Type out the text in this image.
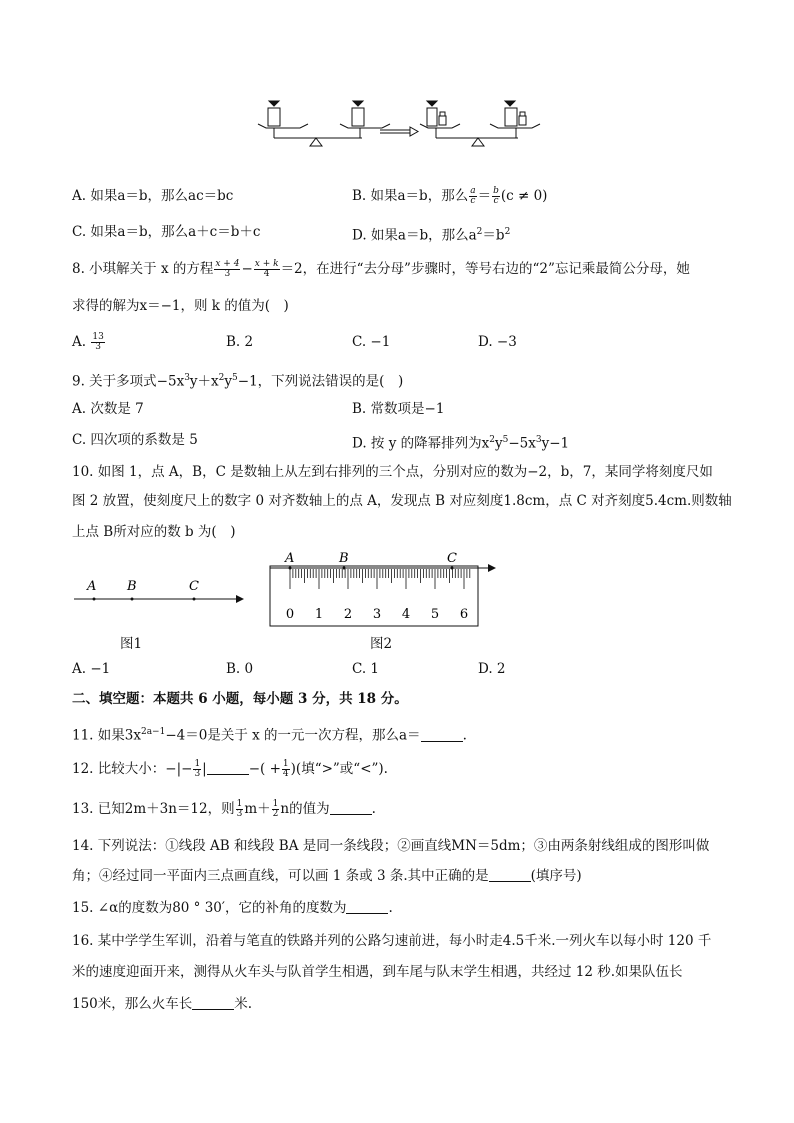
A. 如果a＝b，那么ac＝bc	B. 如果a＝b，那么 $\frac{a}{c} = \frac{b}{c} (c \ne 0)$
C. 如果a＝b，那么a＋c＝b＋c	D. 如果a＝b，那么$a^2=b^2$
8. 小琪解关于 x 的方程 $\frac{x + 4}{3} - \frac{x + k}{4} =2$，在进行“去分母”步骤时，等号右边的“2”忘记乘最简公分母，她
求得的解为x＝−1，则 k 的值为(　)
A. $\frac{13}{3}$	B. 2	C. −1	D. −3
9. 关于多项式$-5x^3y+x^2y^5-1$，下列说法错误的是(　)
A. 次数是 7	B. 常数项是−1
C. 四次项的系数是 5	D. 按 y 的降幂排列为$x^2y^5-5x^3y-1$
10. 如图 1，点 A，B，C 是数轴上从左到右排列的三个点，分别对应的数为−2，b，7，某同学将刻度尺如
图 2 放置，使刻度尺上的数字 0 对齐数轴上的点 A，发现点 B 对应刻度1.8cm，点 C 对齐刻度5.4cm.则数轴
上点 B所对应的数 b 为(　)
A B	C
图1
A	B	C
0 1 2 3 4 5 6
图2
A. −1	B. 0	C. 1	D. 2
二、填空题：本题共 6 小题，每小题 3 分，共 18 分。
11. 如果$3x^{2a-1}-4=0$是关于 x 的一元一次方程，那么a＝	.
12. 比较大小：−|− $\frac{1}{3}$ |	−( + $\frac{1}{4}$ )(填“>”或“<”).
13. 已知2m＋3n＝12，则 $\frac{1}{3} m+ \frac{1}{2}$ n的值为	.
14. 下列说法：①线段 AB 和线段 BA 是同一条线段；②画直线MN＝5dm；③由两条射线组成的图形叫做
角；④经过同一平面内三点画直线，可以画 1 条或 3 条.其中正确的是	(填序号)
15. ∠α的度数为80 ° 30′，它的补角的度数为	.
16. 某中学学生军训，沿着与笔直的铁路并列的公路匀速前进，每小时走4.5千米.一列火车以每小时 120 千
米的速度迎面开来，测得从火车头与队首学生相遇，到车尾与队末学生相遇，共经过 12 秒.如果队伍长
150米，那么火车长	米.
